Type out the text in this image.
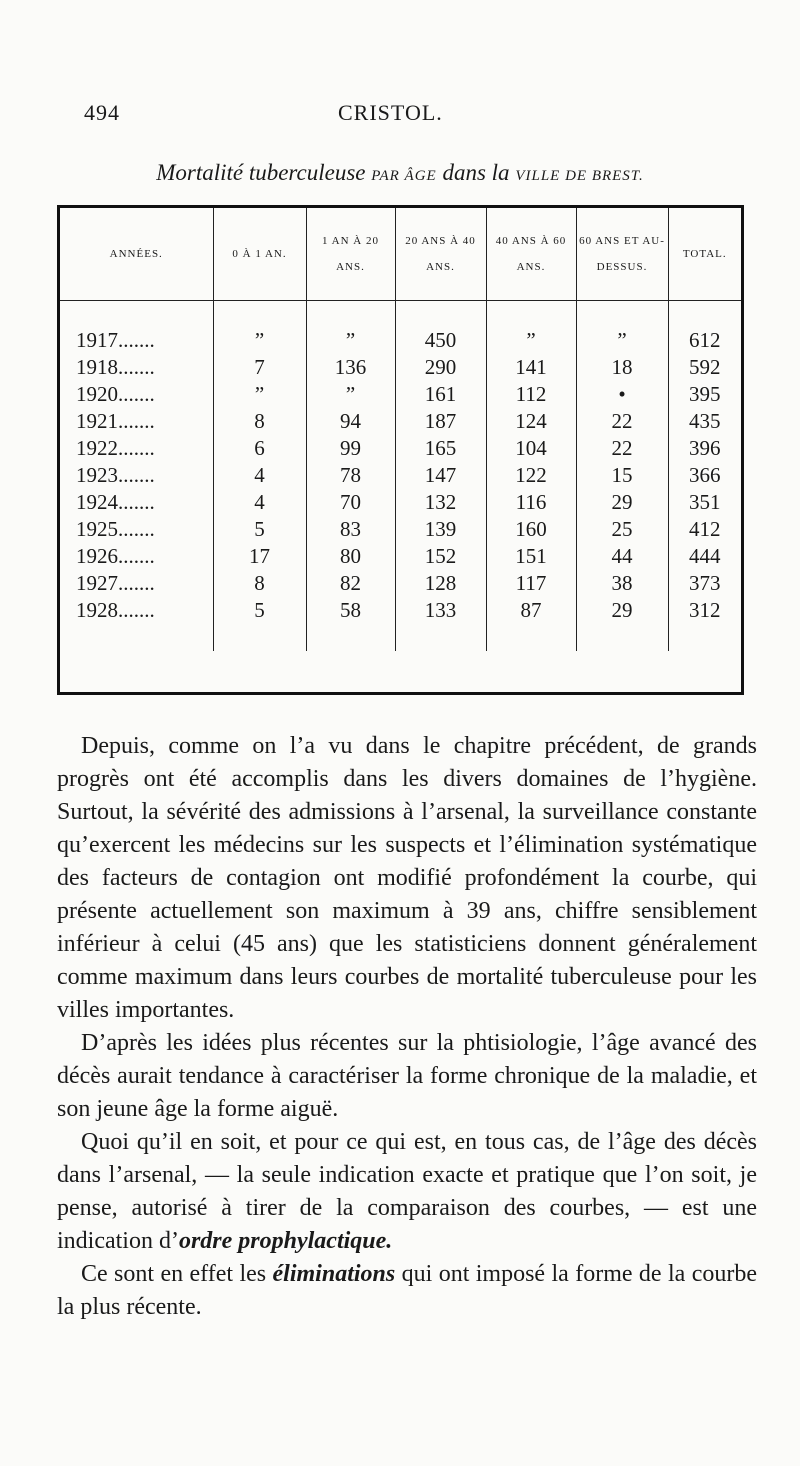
494	CRISTOL.
Mortalité tuberculeuse PAR ÂGE dans la VILLE DE BREST.
ANNÉES.	0 À 1 AN.	1 AN À 20 ANS.	20 ANS À 40 ANS.	40 ANS À 60 ANS.	60 ANS ET AU-DESSUS.	TOTAL.

1917.......	”	”	450	”	”	612
1918.......	7	136	290	141	18	592
1920.......	”	”	161	112	•	395
1921.......	8	94	187	124	22	435
1922.......	6	99	165	104	22	396
1923.......	4	78	147	122	15	366
1924.......	4	70	132	116	29	351
1925.......	5	83	139	160	25	412
1926.......	17	80	152	151	44	444
1927.......	8	82	128	117	38	373
1928.......	5	58	133	87	29	312

Depuis, comme on l’a vu dans le chapitre précédent, de grands progrès ont été accomplis dans les divers domaines de l’hygiène. Surtout, la sévérité des admissions à l’arsenal, la surveillance constante qu’exercent les médecins sur les suspects et l’élimination systématique des facteurs de contagion ont modifié profondément la courbe, qui présente actuellement son maximum à 39 ans, chiffre sensiblement inférieur à celui (45 ans) que les statisticiens donnent généralement comme maximum dans leurs courbes de mortalité tuberculeuse pour les villes importantes.

D’après les idées plus récentes sur la phtisiologie, l’âge avancé des décès aurait tendance à caractériser la forme chronique de la maladie, et son jeune âge la forme aiguë.

Quoi qu’il en soit, et pour ce qui est, en tous cas, de l’âge des décès dans l’arsenal, — la seule indication exacte et pratique que l’on soit, je pense, autorisé à tirer de la comparaison des courbes, — est une indication d’ordre prophylactique.

Ce sont en effet les éliminations qui ont imposé la forme de la courbe la plus récente.
